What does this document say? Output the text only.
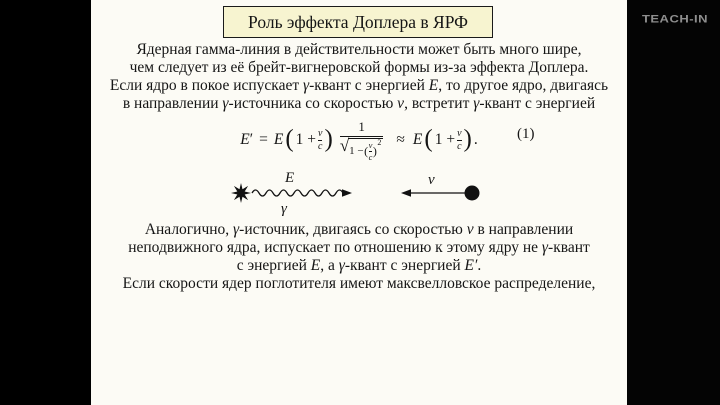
TEACH-IN
Роль эффекта Доплера в ЯРФ
Ядерная гамма-линия в действительности может быть много шире,
чем следует из её брейт-вигнеровской формы из-за эффекта Доплера.
Если ядро в покое испускает γ-квант с энергией E, то другое ядро, двигаясь
в направлении γ-источника со скоростью v, встретит γ-квант с энергией
E′ = E ( 1 + v
c ) 1
√ 1 − ( v
c )
2 ≈ E ( 1 + v
c ) .	(1)
E
γ
v
Аналогично, γ-источник, двигаясь со скоростью v в направлении
неподвижного ядра, испускает по отношению к этому ядру не γ-квант
с энергией E, а γ-квант с энергией E′.
Если скорости ядер поглотителя имеют максвелловское распределение,
